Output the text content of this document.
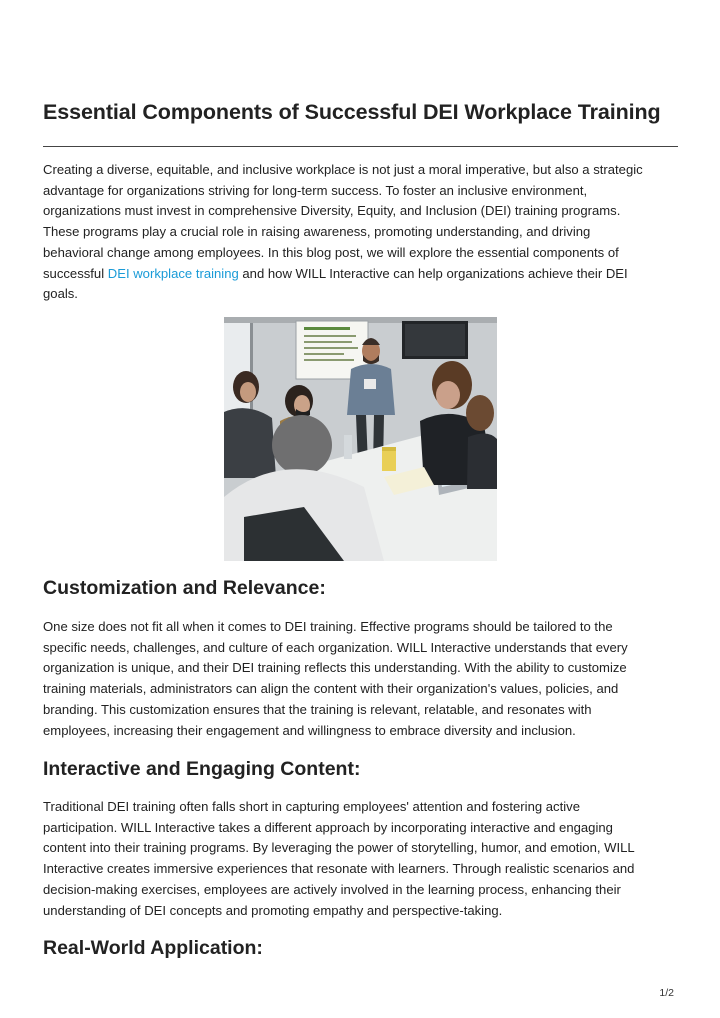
Essential Components of Successful DEI Workplace Training

Creating a diverse, equitable, and inclusive workplace is not just a moral imperative, but also a strategic
advantage for organizations striving for long-term success. To foster an inclusive environment,
organizations must invest in comprehensive Diversity, Equity, and Inclusion (DEI) training programs.
These programs play a crucial role in raising awareness, promoting understanding, and driving
behavioral change among employees. In this blog post, we will explore the essential components of
successful DEI workplace training and how WILL Interactive can help organizations achieve their DEI
goals.

Customization and Relevance:

One size does not fit all when it comes to DEI training. Effective programs should be tailored to the
specific needs, challenges, and culture of each organization. WILL Interactive understands that every
organization is unique, and their DEI training reflects this understanding. With the ability to customize
training materials, administrators can align the content with their organization's values, policies, and
branding. This customization ensures that the training is relevant, relatable, and resonates with
employees, increasing their engagement and willingness to embrace diversity and inclusion.

Interactive and Engaging Content:

Traditional DEI training often falls short in capturing employees' attention and fostering active
participation. WILL Interactive takes a different approach by incorporating interactive and engaging
content into their training programs. By leveraging the power of storytelling, humor, and emotion, WILL
Interactive creates immersive experiences that resonate with learners. Through realistic scenarios and
decision-making exercises, employees are actively involved in the learning process, enhancing their
understanding of DEI concepts and promoting empathy and perspective-taking.

Real-World Application:
1/2
